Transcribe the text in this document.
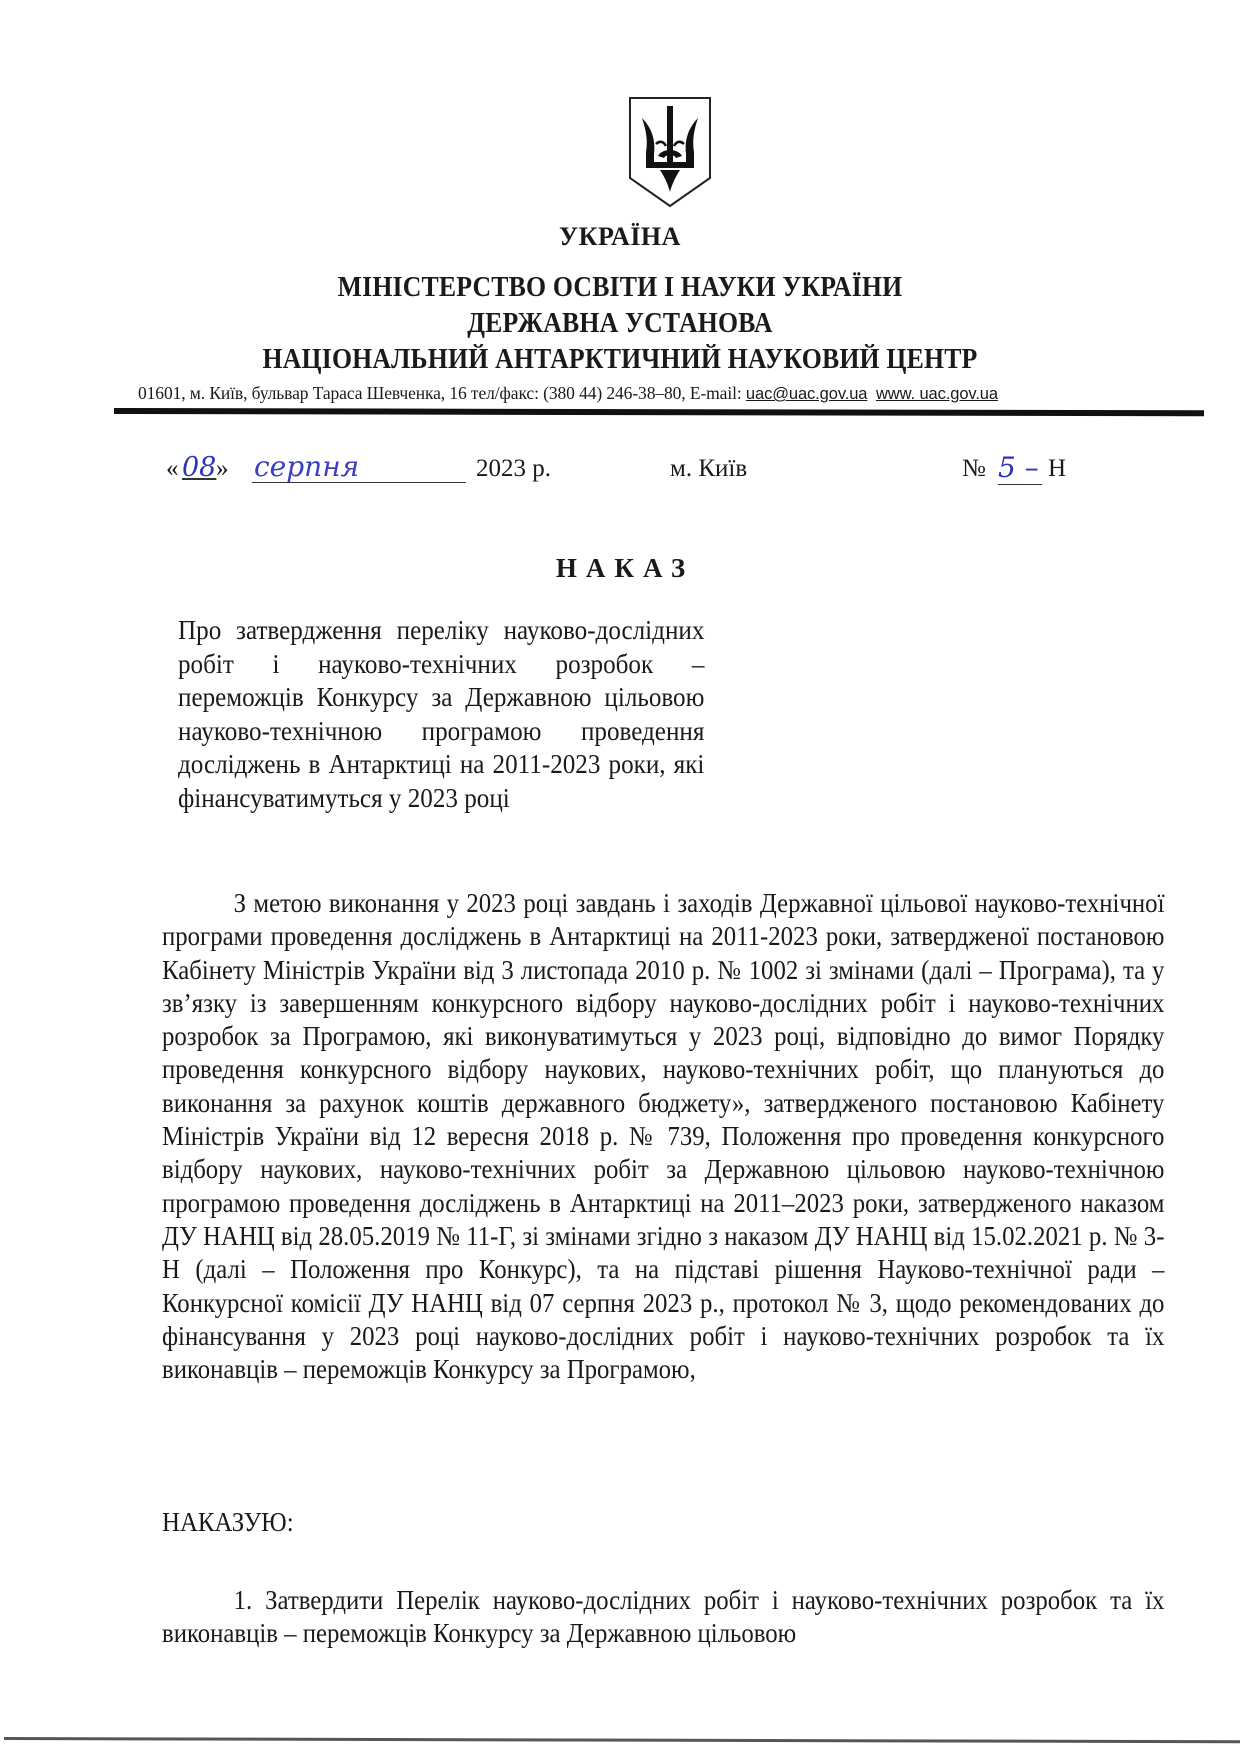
УКРАЇНА
МІНІСТЕРСТВО ОСВІТИ І НАУКИ УКРАЇНИ
ДЕРЖАВНА УСТАНОВА
НАЦІОНАЛЬНИЙ АНТАРКТИЧНИЙ НАУКОВИЙ ЦЕНТР
01601, м. Київ, бульвар Тараса Шевченка, 16 тел/факс: (380 44) 246-38–80, E-mail: uac@uac.gov.ua www. uac.gov.ua
« 08 » серпня	2023 р.	м. Київ	№ 5 – Н
НАКАЗ
Про затвердження переліку науково-дослідних робіт і науково-технічних розробок – переможців Конкурсу за Державною цільовою науково-технічною програмою проведення досліджень в Антарктиці на 2011-2023 роки, які фінансуватимуться у 2023 році
З метою виконання у 2023 році завдань і заходів Державної цільової науково-технічної програми проведення досліджень в Антарктиці на 2011-2023 роки, затвердженої постановою Кабінету Міністрів України від 3 листопада 2010 р. № 1002 зі змінами (далі – Програма), та у зв’язку із завершенням конкурсного відбору науково-дослідних робіт і науково-технічних розробок за Програмою, які виконуватимуться у 2023 році, відповідно до вимог Порядку проведення конкурсного відбору наукових, науково-технічних робіт, що плануються до виконання за рахунок коштів державного бюджету», затвердженого постановою Кабінету Міністрів України від 12 вересня 2018 р. № 739, Положення про проведення конкурсного відбору наукових, науково-технічних робіт за Державною цільовою науково-технічною програмою проведення досліджень в Антарктиці на 2011–2023 роки, затвердженого наказом ДУ НАНЦ від 28.05.2019 № 11-Г, зі змінами згідно з наказом ДУ НАНЦ від 15.02.2021 р. № 3-Н (далі – Положення про Конкурс), та на підставі рішення Науково-технічної ради – Конкурсної комісії ДУ НАНЦ від 07 серпня 2023 р., протокол № 3, щодо рекомендованих до фінансування у 2023 році науково-дослідних робіт і науково-технічних розробок та їх виконавців – переможців Конкурсу за Програмою,
НАКАЗУЮ:
1. Затвердити Перелік науково-дослідних робіт і науково-технічних розробок та їх виконавців – переможців Конкурсу за Державною цільовою
